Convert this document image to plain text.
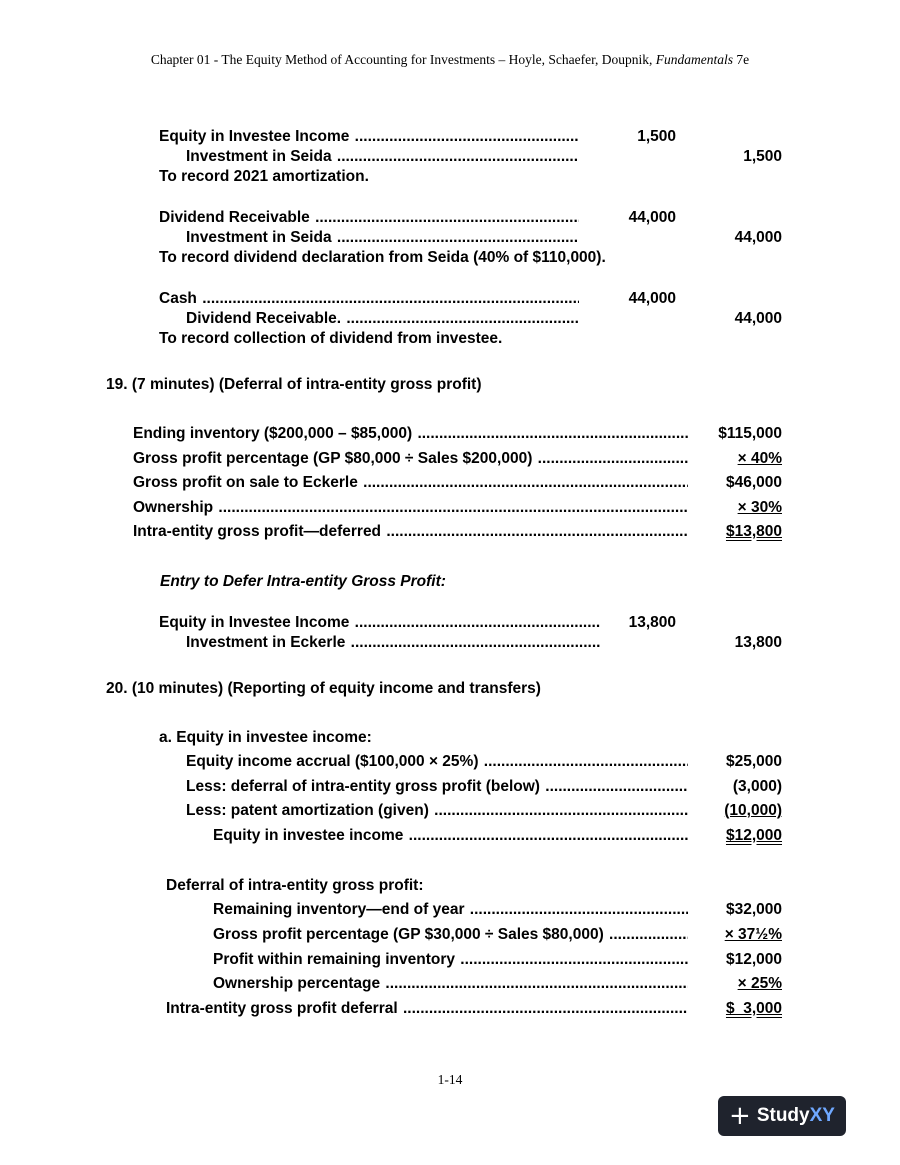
Chapter 01 - The Equity Method of Accounting for Investments – Hoyle, Schaefer, Doupnik, Fundamentals 7e
Equity in Investee Income .....	1,500
Investment in Seida .....	1,500
To record 2021 amortization.
Dividend Receivable .....	44,000
Investment in Seida .....	44,000
To record dividend declaration from Seida (40% of $110,000).
Cash .....	44,000
Dividend Receivable. .....	44,000
To record collection of dividend from investee.
19. (7 minutes) (Deferral of intra-entity gross profit)
Ending inventory ($200,000 – $85,000) .....	$115,000
Gross profit percentage (GP $80,000 ÷ Sales $200,000) .....	× 40%
Gross profit on sale to Eckerle .....	$46,000
Ownership .....	× 30%
Intra-entity gross profit—deferred .....	$13,800
Entry to Defer Intra-entity Gross Profit:
Equity in Investee Income .....	13,800
Investment in Eckerle .....	13,800
20. (10 minutes) (Reporting of equity income and transfers)
a. Equity in investee income:
Equity income accrual ($100,000 × 25%) .....	$25,000
Less: deferral of intra-entity gross profit (below) .....	(3,000)
Less: patent amortization (given) .....	(10,000)
Equity in investee income .....	$12,000
Deferral of intra-entity gross profit:
Remaining inventory—end of year .....	$32,000
Gross profit percentage (GP $30,000 ÷ Sales $80,000) .....	× 37½%
Profit within remaining inventory .....	$12,000
Ownership percentage .....	× 25%
Intra-entity gross profit deferral .....	$  3,000
1-14
+ StudyXY
